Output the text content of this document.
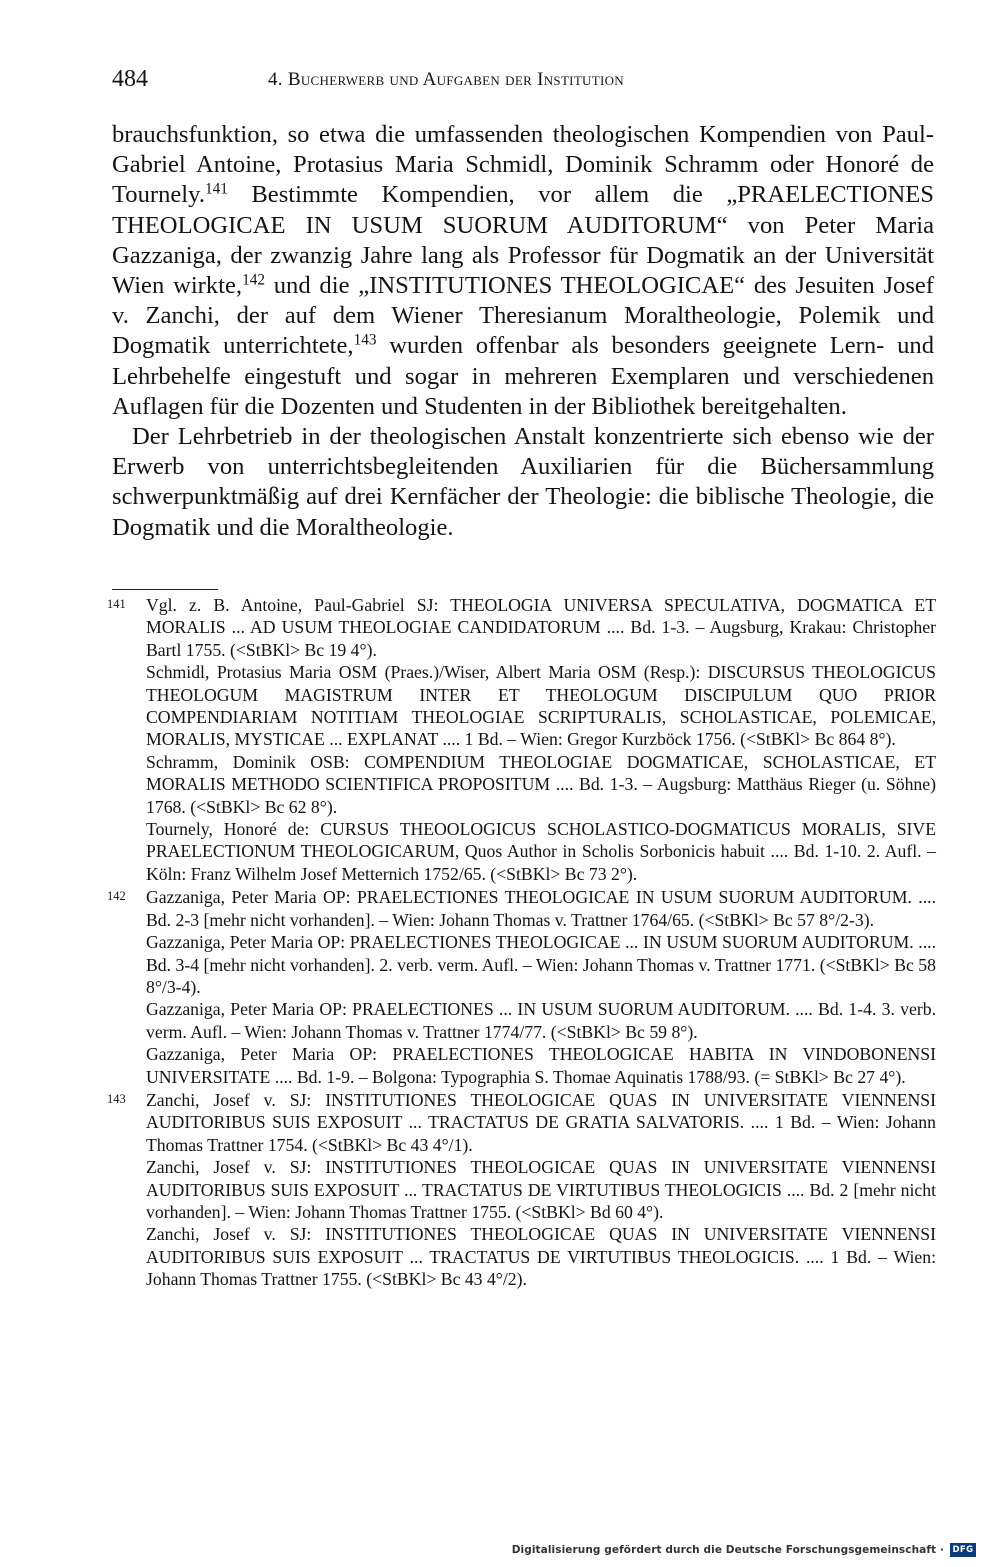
484	4. Bucherwerb und Aufgaben der Institution

brauchsfunktion, so etwa die umfassenden theologischen Kompendien von Paul-Gabriel Antoine, Protasius Maria Schmidl, Dominik Schramm oder Honoré de Tournely.$^{141}$ Bestimmte Kompendien, vor allem die „PRAELECTIONES THEOLOGICAE IN USUM SUORUM AUDITORUM“ von Peter Maria Gazzaniga, der zwanzig Jahre lang als Professor für Dogmatik an der Universität Wien wirkte,$^{142}$ und die „INSTITUTIONES THEOLOGICAE“ des Jesuiten Josef v. Zanchi, der auf dem Wiener Theresianum Moraltheologie, Polemik und Dogmatik unterrichtete,$^{143}$ wurden offenbar als besonders geeignete Lern- und Lehrbehelfe eingestuft und sogar in mehreren Exemplaren und verschiedenen Auflagen für die Dozenten und Studenten in der Bibliothek bereitgehalten.

Der Lehrbetrieb in der theologischen Anstalt konzentrierte sich ebenso wie der Erwerb von unterrichtsbegleitenden Auxiliarien für die Büchersammlung schwerpunktmäßig auf drei Kernfächer der Theologie: die biblische Theologie, die Dogmatik und die Moraltheologie.

141	Vgl. z. B. Antoine, Paul-Gabriel SJ: THEOLOGIA UNIVERSA SPECULATIVA, DOGMATICA ET MORALIS ... AD USUM THEOLOGIAE CANDIDATORUM .... Bd. 1-3. – Augsburg, Krakau: Christopher Bartl 1755. (<StBKl> Bc 19 4°).

Schmidl, Protasius Maria OSM (Praes.)/Wiser, Albert Maria OSM (Resp.): DISCURSUS THEOLOGICUS THEOLOGUM MAGISTRUM INTER ET THEOLOGUM DISCIPULUM QUO PRIOR COMPENDIARIAM NOTITIAM THEOLOGIAE SCRIPTURALIS, SCHOLASTICAE, POLEMICAE, MORALIS, MYSTICAE ... EXPLANAT .... 1 Bd. – Wien: Gregor Kurzböck 1756. (<StBKl> Bc 864 8°).

Schramm, Dominik OSB: COMPENDIUM THEOLOGIAE DOGMATICAE, SCHOLASTICAE, ET MORALIS METHODO SCIENTIFICA PROPOSITUM .... Bd. 1-3. – Augsburg: Matthäus Rieger (u. Söhne) 1768. (<StBKl> Bc 62 8°).

Tournely, Honoré de: CURSUS THEOOLOGICUS SCHOLASTICO-DOGMATICUS MORALIS, SIVE PRAELECTIONUM THEOLOGICARUM, Quos Author in Scholis Sorbonicis habuit .... Bd. 1-10. 2. Aufl. – Köln: Franz Wilhelm Josef Metternich 1752/65. (<StBKl> Bc 73 2°).

142	Gazzaniga, Peter Maria OP: PRAELECTIONES THEOLOGICAE IN USUM SUORUM AUDITORUM. .... Bd. 2-3 [mehr nicht vorhanden]. – Wien: Johann Thomas v. Trattner 1764/65. (<StBKl> Bc 57 8°/2-3).

Gazzaniga, Peter Maria OP: PRAELECTIONES THEOLOGICAE ... IN USUM SUORUM AUDITORUM. .... Bd. 3-4 [mehr nicht vorhanden]. 2. verb. verm. Aufl. – Wien: Johann Thomas v. Trattner 1771. (<StBKl> Bc 58 8°/3-4).

Gazzaniga, Peter Maria OP: PRAELECTIONES ... IN USUM SUORUM AUDITORUM. .... Bd. 1-4. 3. verb. verm. Aufl. – Wien: Johann Thomas v. Trattner 1774/77. (<StBKl> Bc 59 8°).

Gazzaniga, Peter Maria OP: PRAELECTIONES THEOLOGICAE HABITA IN VINDOBONENSI UNIVERSITATE .... Bd. 1-9. – Bolgona: Typographia S. Thomae Aquinatis 1788/93. (= StBKl> Bc 27 4°).

143	Zanchi, Josef v. SJ: INSTITUTIONES THEOLOGICAE QUAS IN UNIVERSITATE VIENNENSI AUDITORIBUS SUIS EXPOSUIT ... TRACTATUS DE GRATIA SALVATORIS. .... 1 Bd. – Wien: Johann Thomas Trattner 1754. (<StBKl> Bc 43 4°/1).

Zanchi, Josef v. SJ: INSTITUTIONES THEOLOGICAE QUAS IN UNIVERSITATE VIENNENSI AUDITORIBUS SUIS EXPOSUIT ... TRACTATUS DE VIRTUTIBUS THEOLOGICIS .... Bd. 2 [mehr nicht vorhanden]. – Wien: Johann Thomas Trattner 1755. (<StBKl> Bd 60 4°).

Zanchi, Josef v. SJ: INSTITUTIONES THEOLOGICAE QUAS IN UNIVERSITATE VIENNENSI AUDITORIBUS SUIS EXPOSUIT ... TRACTATUS DE VIRTUTIBUS THEOLOGICIS. .... 1 Bd. – Wien: Johann Thomas Trattner 1755. (<StBKl> Bc 43 4°/2).

Digitalisierung gefördert durch die Deutsche Forschungsgemeinschaft · DFG
